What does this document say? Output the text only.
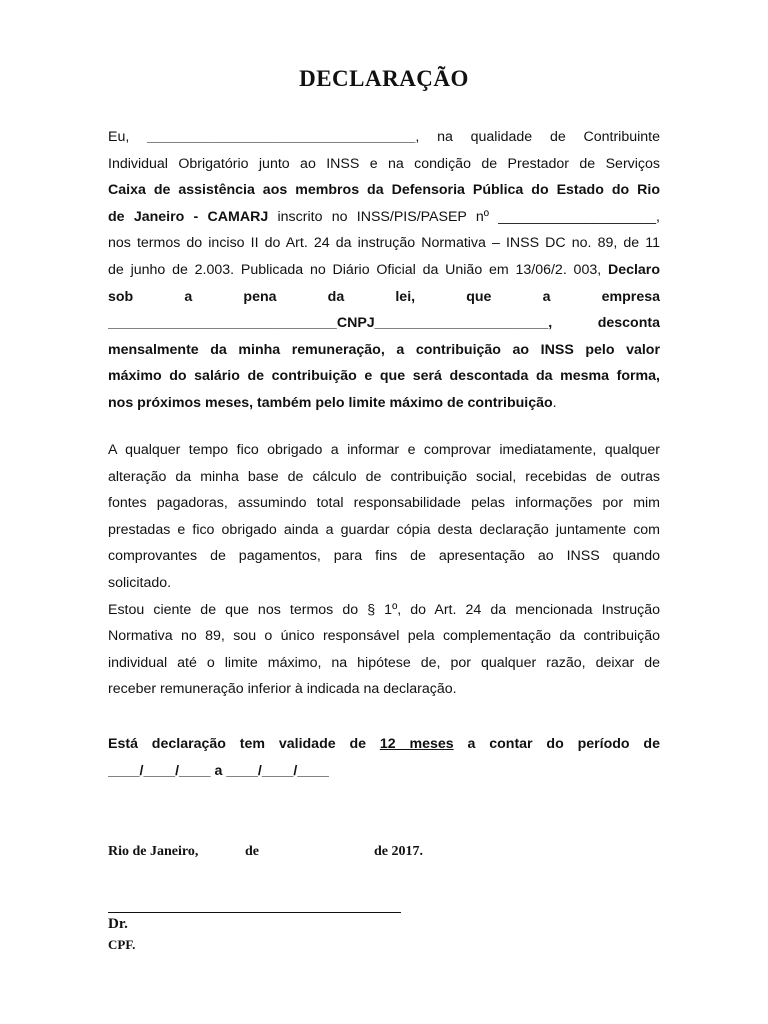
DECLARAÇÃO
Eu, __________________________________, na qualidade de Contribuinte
Individual Obrigatório junto ao INSS e na condição de Prestador de Serviços
Caixa de assistência aos membros da Defensoria Pública do Estado do Rio
de Janeiro - CAMARJ inscrito no INSS/PIS/PASEP nº ____________________,
nos termos do inciso II do Art. 24 da instrução Normativa – INSS DC no. 89, de 11
de junho de 2.003. Publicada no Diário Oficial da União em 13/06/2. 003, Declaro
sob a pena da lei, que a empresa
_____________________________CNPJ______________________, desconta
mensalmente da minha remuneração, a contribuição ao INSS pelo valor
máximo do salário de contribuição e que será descontada da mesma forma,
nos próximos meses, também pelo limite máximo de contribuição.
A qualquer tempo fico obrigado a informar e comprovar imediatamente, qualquer
alteração da minha base de cálculo de contribuição social, recebidas de outras
fontes pagadoras, assumindo total responsabilidade pelas informações por mim
prestadas e fico obrigado ainda a guardar cópia desta declaração juntamente com
comprovantes de pagamentos, para fins de apresentação ao INSS quando
solicitado.
Estou ciente de que nos termos do § 1º, do Art. 24 da mencionada Instrução
Normativa no 89, sou o único responsável pela complementação da contribuição
individual até o limite máximo, na hipótese de, por qualquer razão, deixar de
receber remuneração inferior à indicada na declaração.
Está declaração tem validade de 12 meses a contar do período de
____/____/____ a ____/____/____
Rio de Janeiro,	de	de 2017.
Dr.
CPF.
